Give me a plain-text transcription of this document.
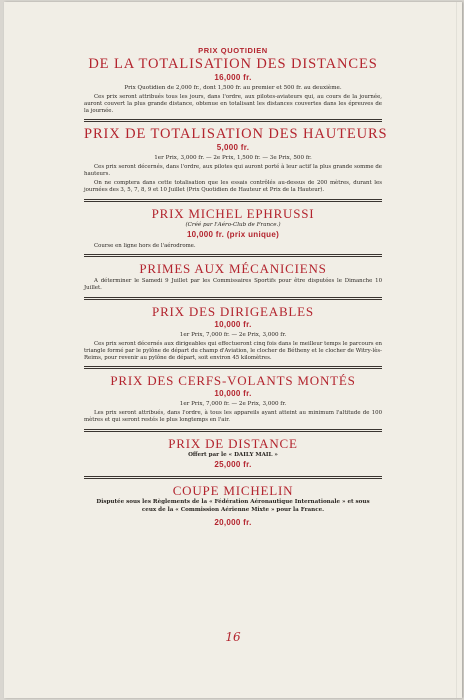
PRIX QUOTIDIEN
DE LA TOTALISATION DES DISTANCES
16,000 fr.
Prix Quotidien de 2,000 fr., dont 1,500 fr. au premier et 500 fr. au deuxième.

Ces prix seront attribués tous les jours, dans l'ordre, aux pilotes-aviateurs qui, au cours de la journée, auront couvert la plus grande distance, obtenue en totalisant les distances couvertes dans les épreuves de la journée.

PRIX DE TOTALISATION DES HAUTEURS
5,000 fr.
1er Prix, 3,000 fr. — 2e Prix, 1,500 fr. — 3e Prix, 500 fr.

Ces prix seront décernés, dans l'ordre, aux pilotes qui auront porté à leur actif la plus grande somme de hauteurs.

On ne comptera dans cette totalisation que les essais contrôlés au-dessus de 200 mètres, durant les journées des 3, 5, 7, 8, 9 et 10 Juillet (Prix Quotidien de Hauteur et Prix de la Hauteur).

PRIX MICHEL EPHRUSSI
(Créé par l'Aéro-Club de France.)
10,000 fr. (prix unique)

Course en ligne hors de l'aérodrome.

PRIMES AUX MÉCANICIENS

A déterminer le Samedi 9 Juillet par les Commissaires Sportifs pour être disputées le Dimanche 10 Juillet.

PRIX DES DIRIGEABLES
10,000 fr.
1er Prix, 7,000 fr. — 2e Prix, 3,000 fr.

Ces prix seront décernés aux dirigeables qui effectueront cinq fois dans le meilleur temps le parcours en triangle formé par le pylône de départ du champ d'Aviation, le clocher de Bétheny et le clocher de Witry-lès-Reims, pour revenir au pylône de départ, soit environ 45 kilomètres.

PRIX DES CERFS-VOLANTS MONTÉS
10,000 fr.
1er Prix, 7,000 fr. — 2e Prix, 3,000 fr.

Les prix seront attribués, dans l'ordre, à tous les appareils ayant atteint au minimum l'altitude de 100 mètres et qui seront restés le plus longtemps en l'air.

PRIX DE DISTANCE
Offert par le « DAILY MAIL »
25,000 fr.
COUPE MICHELIN
Disputée sous les Règlements de la « Fédération Aéronautique Internationale » et sous ceux de la « Commission Aérienne Mixte » pour la France.
20,000 fr.
16
